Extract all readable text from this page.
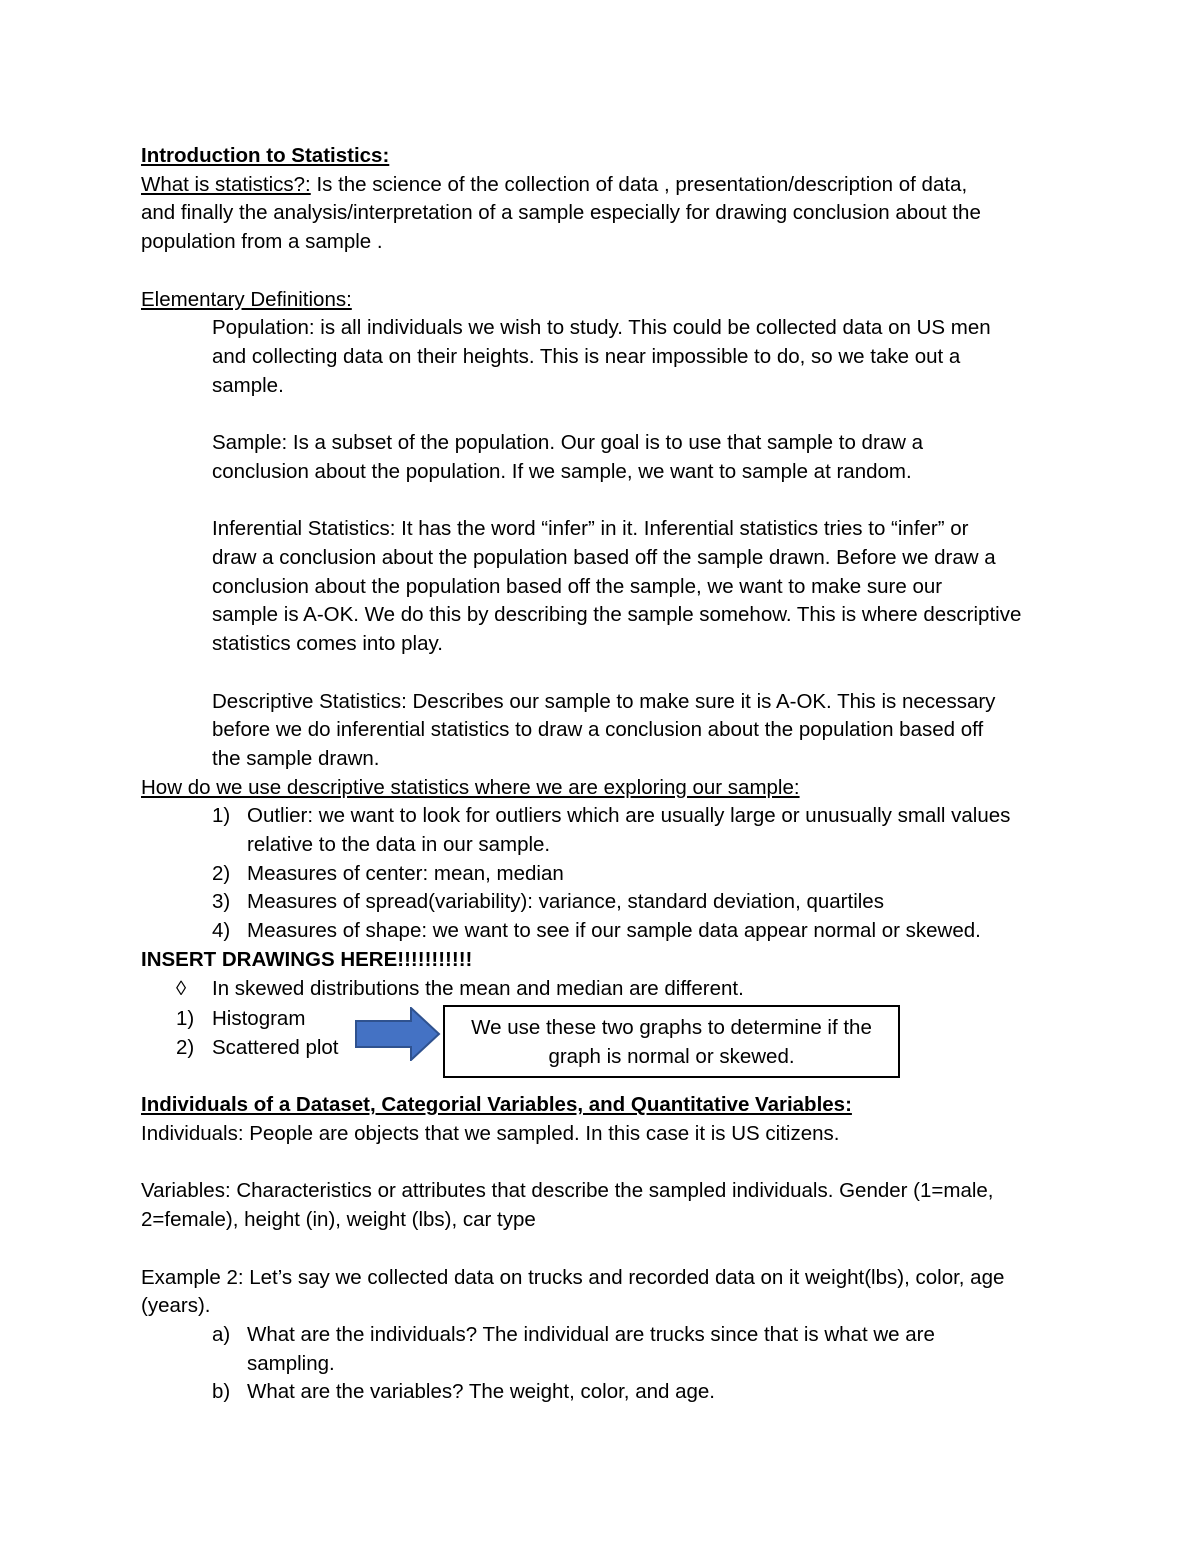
Introduction to Statistics:
What is statistics?: Is the science of the collection of data , presentation/description of data,
and finally the analysis/interpretation of a sample especially for drawing conclusion about the
population from a sample .
Elementary Definitions:
Population: is all individuals we wish to study. This could be collected data on US men
and collecting data on their heights. This is near impossible to do, so we take out a
sample.
Sample: Is a subset of the population. Our goal is to use that sample to draw a
conclusion about the population. If we sample, we want to sample at random.
Inferential Statistics: It has the word “infer” in it. Inferential statistics tries to “infer” or
draw a conclusion about the population based off the sample drawn. Before we draw a
conclusion about the population based off the sample, we want to make sure our
sample is A-OK. We do this by describing the sample somehow. This is where descriptive
statistics comes into play.
Descriptive Statistics: Describes our sample to make sure it is A-OK. This is necessary
before we do inferential statistics to draw a conclusion about the population based off
the sample drawn.
How do we use descriptive statistics where we are exploring our sample:
1) Outlier: we want to look for outliers which are usually large or unusually small values
relative to the data in our sample.
2) Measures of center: mean, median
3) Measures of spread(variability): variance, standard deviation, quartiles
4) Measures of shape: we want to see if our sample data appear normal or skewed.
INSERT DRAWINGS HERE!!!!!!!!!!!
◊ In skewed distributions the mean and median are different.
1) Histogram
2) Scattered plot
We use these two graphs to determine if the
graph is normal or skewed.
Individuals of a Dataset, Categorial Variables, and Quantitative Variables:
Individuals: People are objects that we sampled. In this case it is US citizens.
Variables: Characteristics or attributes that describe the sampled individuals. Gender (1=male,
2=female), height (in), weight (lbs), car type
Example 2: Let’s say we collected data on trucks and recorded data on it weight(lbs), color, age
(years).
a) What are the individuals? The individual are trucks since that is what we are
sampling.
b) What are the variables? The weight, color, and age.
